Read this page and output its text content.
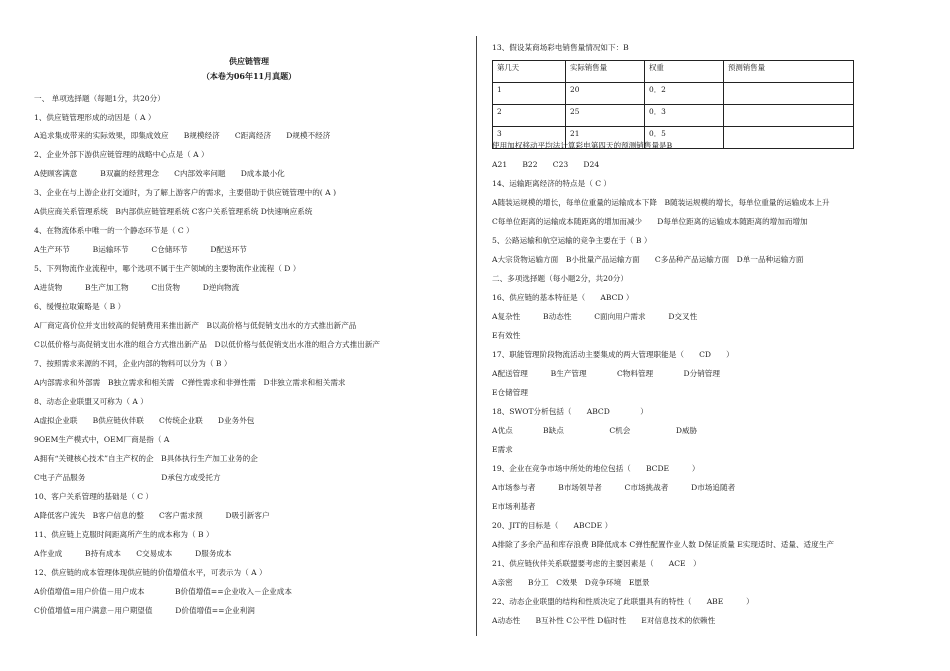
供应链管理
（本卷为06年11月真题）
一、 单项选择题（每题1分，共20分）
1、供应链管理形成的动因是（ A ）
A追求集成带来的实际效果，即集成效应　　B规模经济　　C距离经济　　D规模不经济
2、企业外部下游供应链管理的战略中心点是（ A ）
A使顾客满意　　　B双赢的经营理念　　C内部效率问题　　D成本最小化
3、企业在与上游企业打交道时，为了解上游客户的需求，主要借助于供应链管理中的( A )
A供应商关系管理系统　B内部供应链管理系统 C客户关系管理系统 D快速响应系统
4、在物流体系中唯一的一个静态环节是（ C ）
A生产环节　　　B运输环节　　　C仓储环节　　　D配送环节
5、下列物流作业流程中，哪个选项不属于生产领域的主要物流作业流程（ D ）
A进货物　　　B生产加工物　　　C出货物　　　D逆向物流
6、缓慢拉取策略是（ B ）
A厂商定高价位并支出较高的促销费用来推出新产　B以高价格与低促销支出水的方式推出新产品
C以低价格与高促销支出水准的组合方式推出新产品　D以低价格与低促销支出水准的组合方式推出新产
7、按照需求来源的不同，企业内部的物料可以分为（ B ）
A内部需求和外部需　B独立需求和相关需　C弹性需求和非弹性需　D非独立需求和相关需求
8、动态企业联盟又可称为（ A ）
A虚拟企业联　　B供应链伙伴联　　C传统企业联　　D业务外包
9OEM生产模式中，OEM厂商是指（ A
A拥有“关键核心技术”自主产权的企　B具体执行生产加工业务的企
C电子产品服务　　　　　　　　　　D承包方或受托方
10、客户关系管理的基础是（ C ）
A降低客户流失　B客户信息的整　　C客户需求预　　　D吸引新客户
11、供应链上克服时间距离所产生的成本称为（ B ）
A作业成　　　B持有成本　　C交易成本　　　D服务成本
12、供应链的成本管理体现供应链的价值增值水平，可表示为（ A ）
A价值增值=用户价值－用户成本　　　　B价值增值==企业收入－企业成本
C价值增值=用户满意－用户期望值　　　D价值增值==企业利润
13、假设某商场彩电销售量情况如下：B
第几天	实际销售量	权重	预测销售量
1	20	0．2	
2	25	0．3	
3	21	0．5	
使用加权移动平均法计算彩电第四天的预测销售量是B
A21　　B22　　C23　　D24
14、运输距离经济的特点是（ C ）
A随装运规模的增长，每单位重量的运输成本下降　B随装运规模的增长，每单位重量的运输成本上升
C每单位距离的运输成本随距离的增加而减少　　D每单位距离的运输成本随距离的增加而增加
5、公路运输和航空运输的竞争主要在于（ B ）
A大宗货物运输方面　B小批量产品运输方面　　C多品种产品运输方面　D单一品种运输方面
二、多项选择题（每小题2分，共20分）
16、供应链的基本特征是（　　ABCD ）
A复杂性　　　B动态性　　　C面向用户需求　　　D交叉性
E有效性
17、职能管理阶段物流活动主要集成的两大管理职能是（　　CD　　）
A配送管理　　　B生产管理　　　　C物料管理　　　　D分销管理
E仓储管理
18、SWOT分析包括（　　ABCD　　　　）
A优点　　　　B缺点　　　　　　C机会　　　　　　D威胁
E需求
19、企业在竞争市场中所处的地位包括（　　BCDE　　　）
A市场参与者　　　B市场领导者　　　C市场挑战者　　　D市场追随者
E市场利基者
20、JIT的目标是（　　ABCDE ）
A排除了多余产品和库存浪费 B降低成本 C弹性配置作业人数 D保证质量 E实现适时、适量、适度生产
21、供应链伙伴关系联盟要考虑的主要因素是（　　ACE　）
A亲密　　B分工　C效果　D竞争环境　E愿景
22、动态企业联盟的结构和性质决定了此联盟具有的特性（　　ABE　　　）
A动态性　　B互补性 C公平性 D临时性　　E对信息技术的依赖性
